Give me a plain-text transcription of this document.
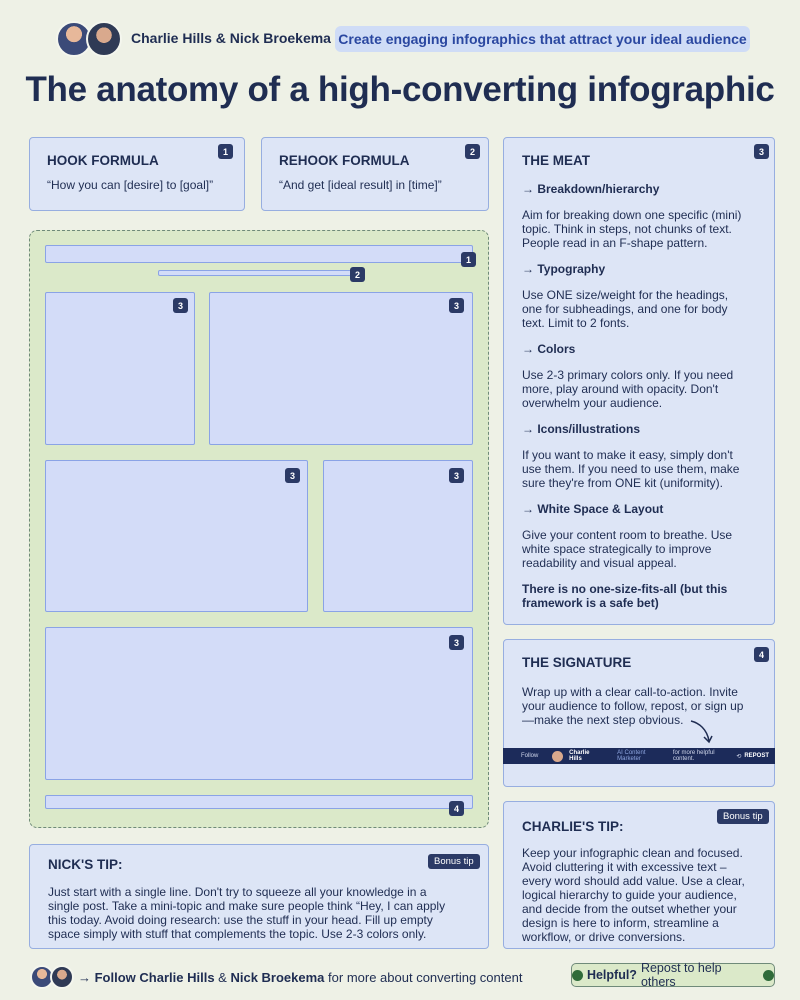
Charlie Hills & Nick Broekema Create engaging infographics that attract your ideal audience
The anatomy of a high-converting infographic
HOOK FORMULA
1
“How you can [desire] to [goal]”
REHOOK FORMULA
2
“And get [ideal result] in [time]”
THE MEAT
3
→ Breakdown/hierarchy
Aim for breaking down one specific (mini)
topic. Think in steps, not chunks of text.
People read in an F-shape pattern.
→ Typography
Use ONE size/weight for the headings,
one for subheadings, and one for body
text. Limit to 2 fonts.
→ Colors
Use 2-3 primary colors only. If you need
more, play around with opacity. Don't
overwhelm your audience.
→ Icons/illustrations
If you want to make it easy, simply don't
use them. If you need to use them, make
sure they're from ONE kit (uniformity).
→ White Space & Layout
Give your content room to breathe. Use
white space strategically to improve
readability and visual appeal.
There is no one-size-fits-all (but this
framework is a safe bet)
1
2
3	3
3	3
3
4
THE SIGNATURE
4
Wrap up with a clear call-to-action. Invite
your audience to follow, repost, or sign up
—make the next step obvious.
Follow	Charlie Hills
AI Content Marketer
for more helpful content.	⟲ REPOST
CHARLIE'S TIP:
Bonus tip
Keep your infographic clean and focused.
Avoid cluttering it with excessive text –
every word should add value. Use a clear,
logical hierarchy to guide your audience,
and decide from the outset whether your
design is here to inform, streamline a
workflow, or drive conversions.
NICK'S TIP:	Bonus tip
Just start with a single line. Don't try to squeeze all your knowledge in a
single post. Take a mini-topic and make sure people think “Hey, I can apply
this today. Avoid doing research: use the stuff in your head. Fill up empty
space simply with stuff that complements the topic. Use 2-3 colors only.
→ Follow Charlie Hills & Nick Broekema for more about converting content	Helpful? Repost to help others
